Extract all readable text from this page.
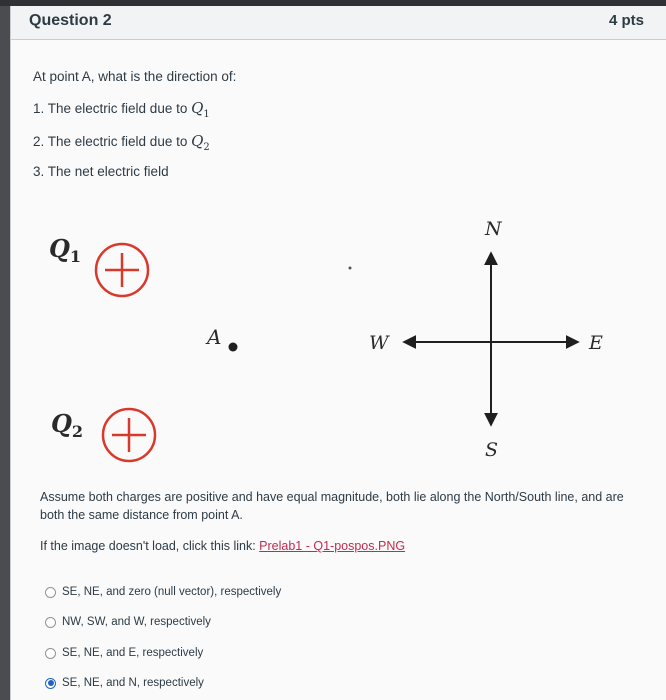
Question 2	4 pts
At point A, what is the direction of:
1. The electric field due to $Q_1$
2. The electric field due to $Q_2$
3. The net electric field
$Q_1$
A
$Q_2$
N
S
E
W
Assume both charges are positive and have equal magnitude, both lie along the North/South line, and are both the same distance from point A.
If the image doesn't load, click this link: Prelab1 - Q1-pospos.PNG
SE, NE, and zero (null vector), respectively
NW, SW, and W, respectively
SE, NE, and E, respectively
SE, NE, and N, respectively
